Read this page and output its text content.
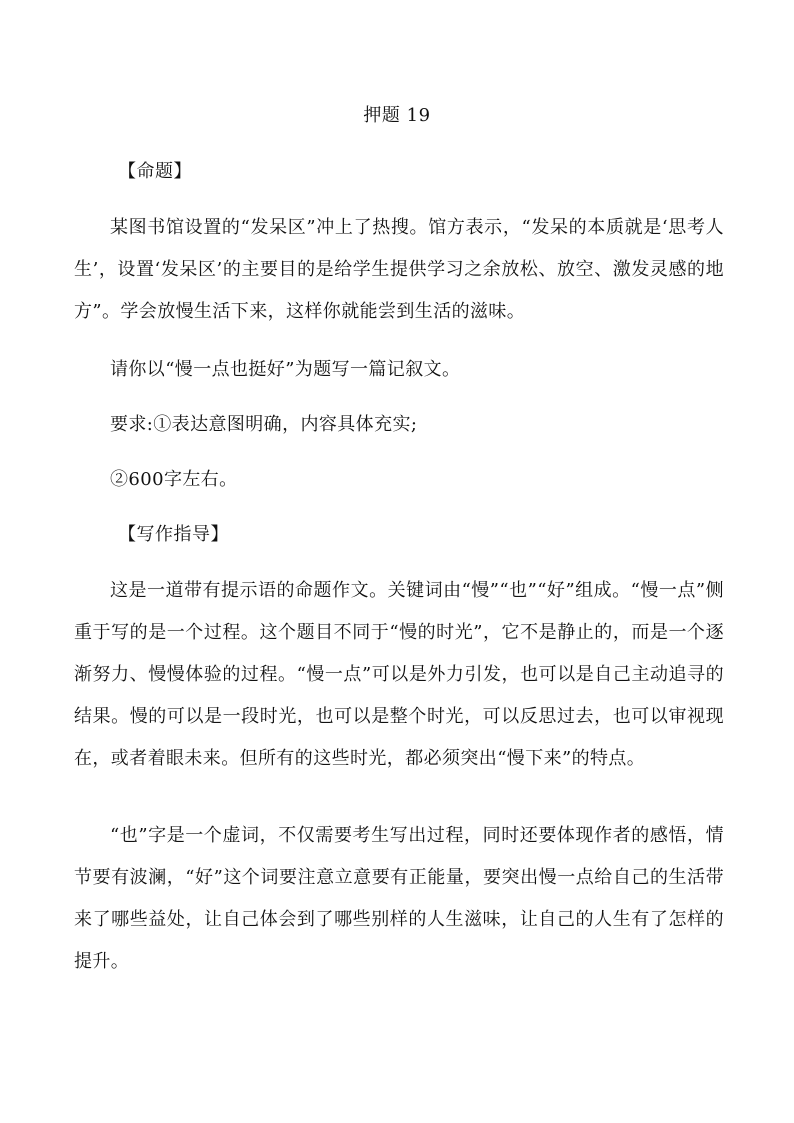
押题 19
【命题】
某图书馆设置的“发呆区”冲上了热搜。馆方表示，“发呆的本质就是‘思考人生’，设置‘发呆区’的主要目的是给学生提供学习之余放松、放空、激发灵感的地方”。学会放慢生活下来，这样你就能尝到生活的滋味。
请你以“慢一点也挺好”为题写一篇记叙文。
要求:①表达意图明确，内容具体充实;
②600字左右。
【写作指导】
这是一道带有提示语的命题作文。关键词由“慢”“也”“好”组成。“慢一点”侧重于写的是一个过程。这个题目不同于“慢的时光”，它不是静止的，而是一个逐渐努力、慢慢体验的过程。“慢一点”可以是外力引发，也可以是自己主动追寻的结果。慢的可以是一段时光，也可以是整个时光，可以反思过去，也可以审视现在，或者着眼未来。但所有的这些时光，都必须突出“慢下来”的特点。
“也”字是一个虚词，不仅需要考生写出过程，同时还要体现作者的感悟，情节要有波澜，“好”这个词要注意立意要有正能量，要突出慢一点给自己的生活带来了哪些益处，让自己体会到了哪些别样的人生滋味，让自己的人生有了怎样的提升。
